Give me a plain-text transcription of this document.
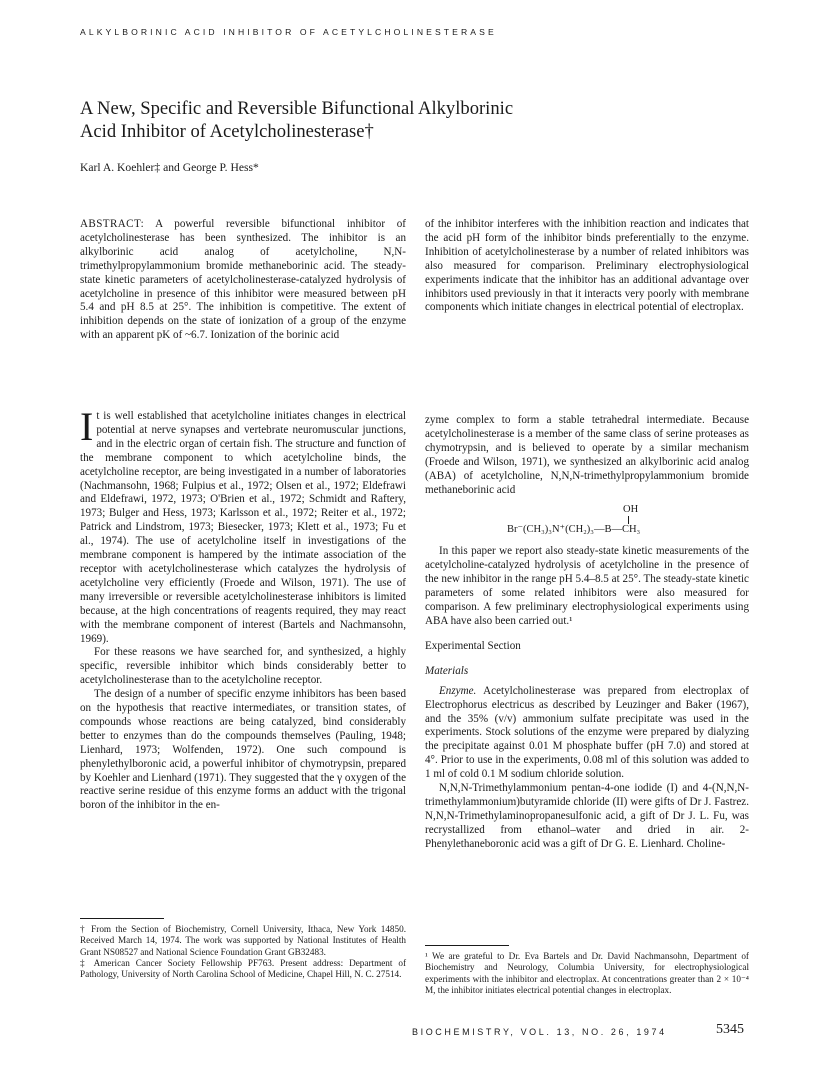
ALKYLBORINIC ACID INHIBITOR OF ACETYLCHOLINESTERASE
A New, Specific and Reversible Bifunctional Alkylborinic
Acid Inhibitor of Acetylcholinesterase†
Karl A. Koehler‡ and George P. Hess*
ABSTRACT: A powerful reversible bifunctional inhibitor of acetylcholinesterase has been synthesized. The inhibitor is an alkylborinic acid analog of acetylcholine, N,N-trimethylpropylammonium bromide methaneborinic acid. The steady-state kinetic parameters of acetylcholinesterase-catalyzed hydrolysis of acetylcholine in presence of this inhibitor were measured between pH 5.4 and pH 8.5 at 25°. The inhibition is competitive. The extent of inhibition depends on the state of ionization of a group of the enzyme with an apparent pK of ~6.7. Ionization of the borinic acid
of the inhibitor interferes with the inhibition reaction and indicates that the acid pH form of the inhibitor binds preferentially to the enzyme. Inhibition of acetylcholinesterase by a number of related inhibitors was also measured for comparison. Preliminary electrophysiological experiments indicate that the inhibitor has an additional advantage over inhibitors used previously in that it interacts very poorly with membrane components which initiate changes in electrical potential of electroplax.

It is well established that acetylcholine initiates changes in electrical potential at nerve synapses and vertebrate neuromuscular junctions, and in the electric organ of certain fish. The structure and function of the membrane component to which acetylcholine binds, the acetylcholine receptor, are being investigated in a number of laboratories (Nachmansohn, 1968; Fulpius et al., 1972; Olsen et al., 1972; Eldefrawi and Eldefrawi, 1972, 1973; O'Brien et al., 1972; Schmidt and Raftery, 1973; Bulger and Hess, 1973; Karlsson et al., 1972; Reiter et al., 1972; Patrick and Lindstrom, 1973; Biesecker, 1973; Klett et al., 1973; Fu et al., 1974). The use of acetylcholine itself in investigations of the membrane component is hampered by the intimate association of the receptor with acetylcholinesterase which catalyzes the hydrolysis of acetylcholine very efficiently (Froede and Wilson, 1971). The use of many irreversible or reversible acetylcholinesterase inhibitors is limited because, at the high concentrations of reagents required, they may react with the membrane component of interest (Bartels and Nachmansohn, 1969).

For these reasons we have searched for, and synthesized, a highly specific, reversible inhibitor which binds considerably better to acetylcholinesterase than to the acetylcholine receptor.

The design of a number of specific enzyme inhibitors has been based on the hypothesis that reactive intermediates, or transition states, of compounds whose reactions are being catalyzed, bind considerably better to enzymes than do the compounds themselves (Pauling, 1948; Lienhard, 1973; Wolfenden, 1972). One such compound is phenylethylboronic acid, a powerful inhibitor of chymotrypsin, prepared by Koehler and Lienhard (1971). They suggested that the γ oxygen of the reactive serine residue of this enzyme forms an adduct with the trigonal boron of the inhibitor in the en-

zyme complex to form a stable tetrahedral intermediate. Because acetylcholinesterase is a member of the same class of serine proteases as chymotrypsin, and is believed to operate by a similar mechanism (Froede and Wilson, 1971), we synthesized an alkylborinic acid analog (ABA) of acetylcholine, N,N,N-trimethylpropylammonium bromide methaneborinic acid

OH
Br⁻(CH₃)₃N⁺(CH₂)₃—B—CH₃

In this paper we report also steady-state kinetic measurements of the acetylcholine-catalyzed hydrolysis of acetylcholine in the presence of the new inhibitor in the range pH 5.4–8.5 at 25°. The steady-state kinetic parameters of some related inhibitors were also measured for comparison. A few preliminary electrophysiological experiments using ABA have also been carried out.¹

Experimental Section
Materials

Enzyme. Acetylcholinesterase was prepared from electroplax of Electrophorus electricus as described by Leuzinger and Baker (1967), and the 35% (v/v) ammonium sulfate precipitate was used in the experiments. Stock solutions of the enzyme were prepared by dialyzing the precipitate against 0.01 M phosphate buffer (pH 7.0) and stored at 4°. Prior to use in the experiments, 0.08 ml of this solution was added to 1 ml of cold 0.1 M sodium chloride solution.

N,N,N-Trimethylammonium pentan-4-one iodide (I) and 4-(N,N,N-trimethylammonium)butyramide chloride (II) were gifts of Dr J. Fastrez. N,N,N-Trimethylaminopropanesulfonic acid, a gift of Dr J. L. Fu, was recrystallized from ethanol–water and dried in air. 2-Phenylethaneboronic acid was a gift of Dr G. E. Lienhard. Choline-

† From the Section of Biochemistry, Cornell University, Ithaca, New York 14850. Received March 14, 1974. The work was supported by National Institutes of Health Grant NS08527 and National Science Foundation Grant GB32483.

‡ American Cancer Society Fellowship PF763. Present address: Department of Pathology, University of North Carolina School of Medicine, Chapel Hill, N. C. 27514.

¹ We are grateful to Dr. Eva Bartels and Dr. David Nachmansohn, Department of Biochemistry and Neurology, Columbia University, for electrophysiological experiments with the inhibitor and electroplax. At concentrations greater than 2 × 10⁻⁴ M, the inhibitor initiates electrical potential changes in electroplax.
BIOCHEMISTRY, VOL. 13, NO. 26, 1974	5345
